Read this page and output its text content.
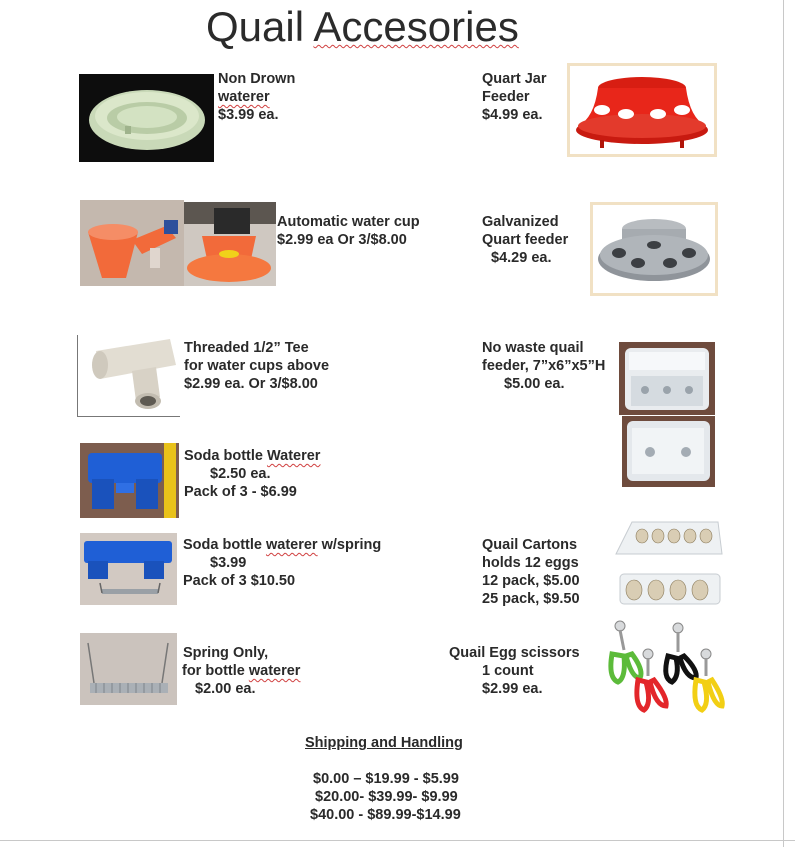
Quail Accesories
Non Drown
waterer
$3.99 ea.
Quart Jar
Feeder
$4.99 ea.
Automatic water cup
$2.99 ea Or 3/$8.00
Galvanized
Quart feeder
$4.29 ea.
Threaded 1/2” Tee
for water cups above
$2.99 ea. Or 3/$8.00
No waste quail
feeder, 7”x6”x5”H
$5.00 ea.
Soda bottle Waterer
$2.50 ea.
Pack of 3 - $6.99
Soda bottle waterer w/spring
$3.99
Pack of 3 $10.50
Quail Cartons
holds 12 eggs
12 pack, $5.00
25 pack, $9.50
Spring Only,
for bottle waterer
$2.00 ea.
Quail Egg scissors
1 count
$2.99 ea.
Shipping and Handling
$0.00 – $19.99 - $5.99
$20.00- $39.99- $9.99
$40.00 - $89.99-$14.99
